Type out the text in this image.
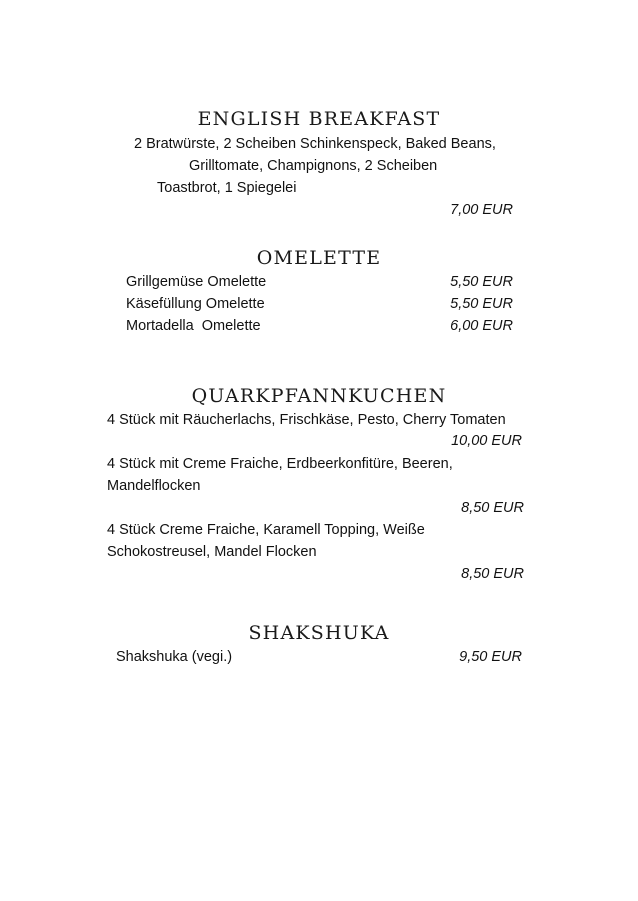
ENGLISH BREAKFAST
2 Bratwürste, 2 Scheiben Schinkenspeck, Baked Beans,
Grilltomate, Champignons, 2 Scheiben
Toastbrot, 1 Spiegelei
7,00 EUR
OMELETTE
Grillgemüse Omelette	5,50 EUR
Käsefüllung Omelette	5,50 EUR
Mortadella  Omelette	6,00 EUR
QUARKPFANNKUCHEN
4 Stück mit Räucherlachs, Frischkäse, Pesto, Cherry Tomaten
10,00 EUR
4 Stück mit Creme Fraiche, Erdbeerkonfitüre, Beeren,
Mandelflocken
8,50 EUR
4 Stück Creme Fraiche, Karamell Topping, Weiße
Schokostreusel, Mandel Flocken
8,50 EUR
SHAKSHUKA
Shakshuka (vegi.)	9,50 EUR
